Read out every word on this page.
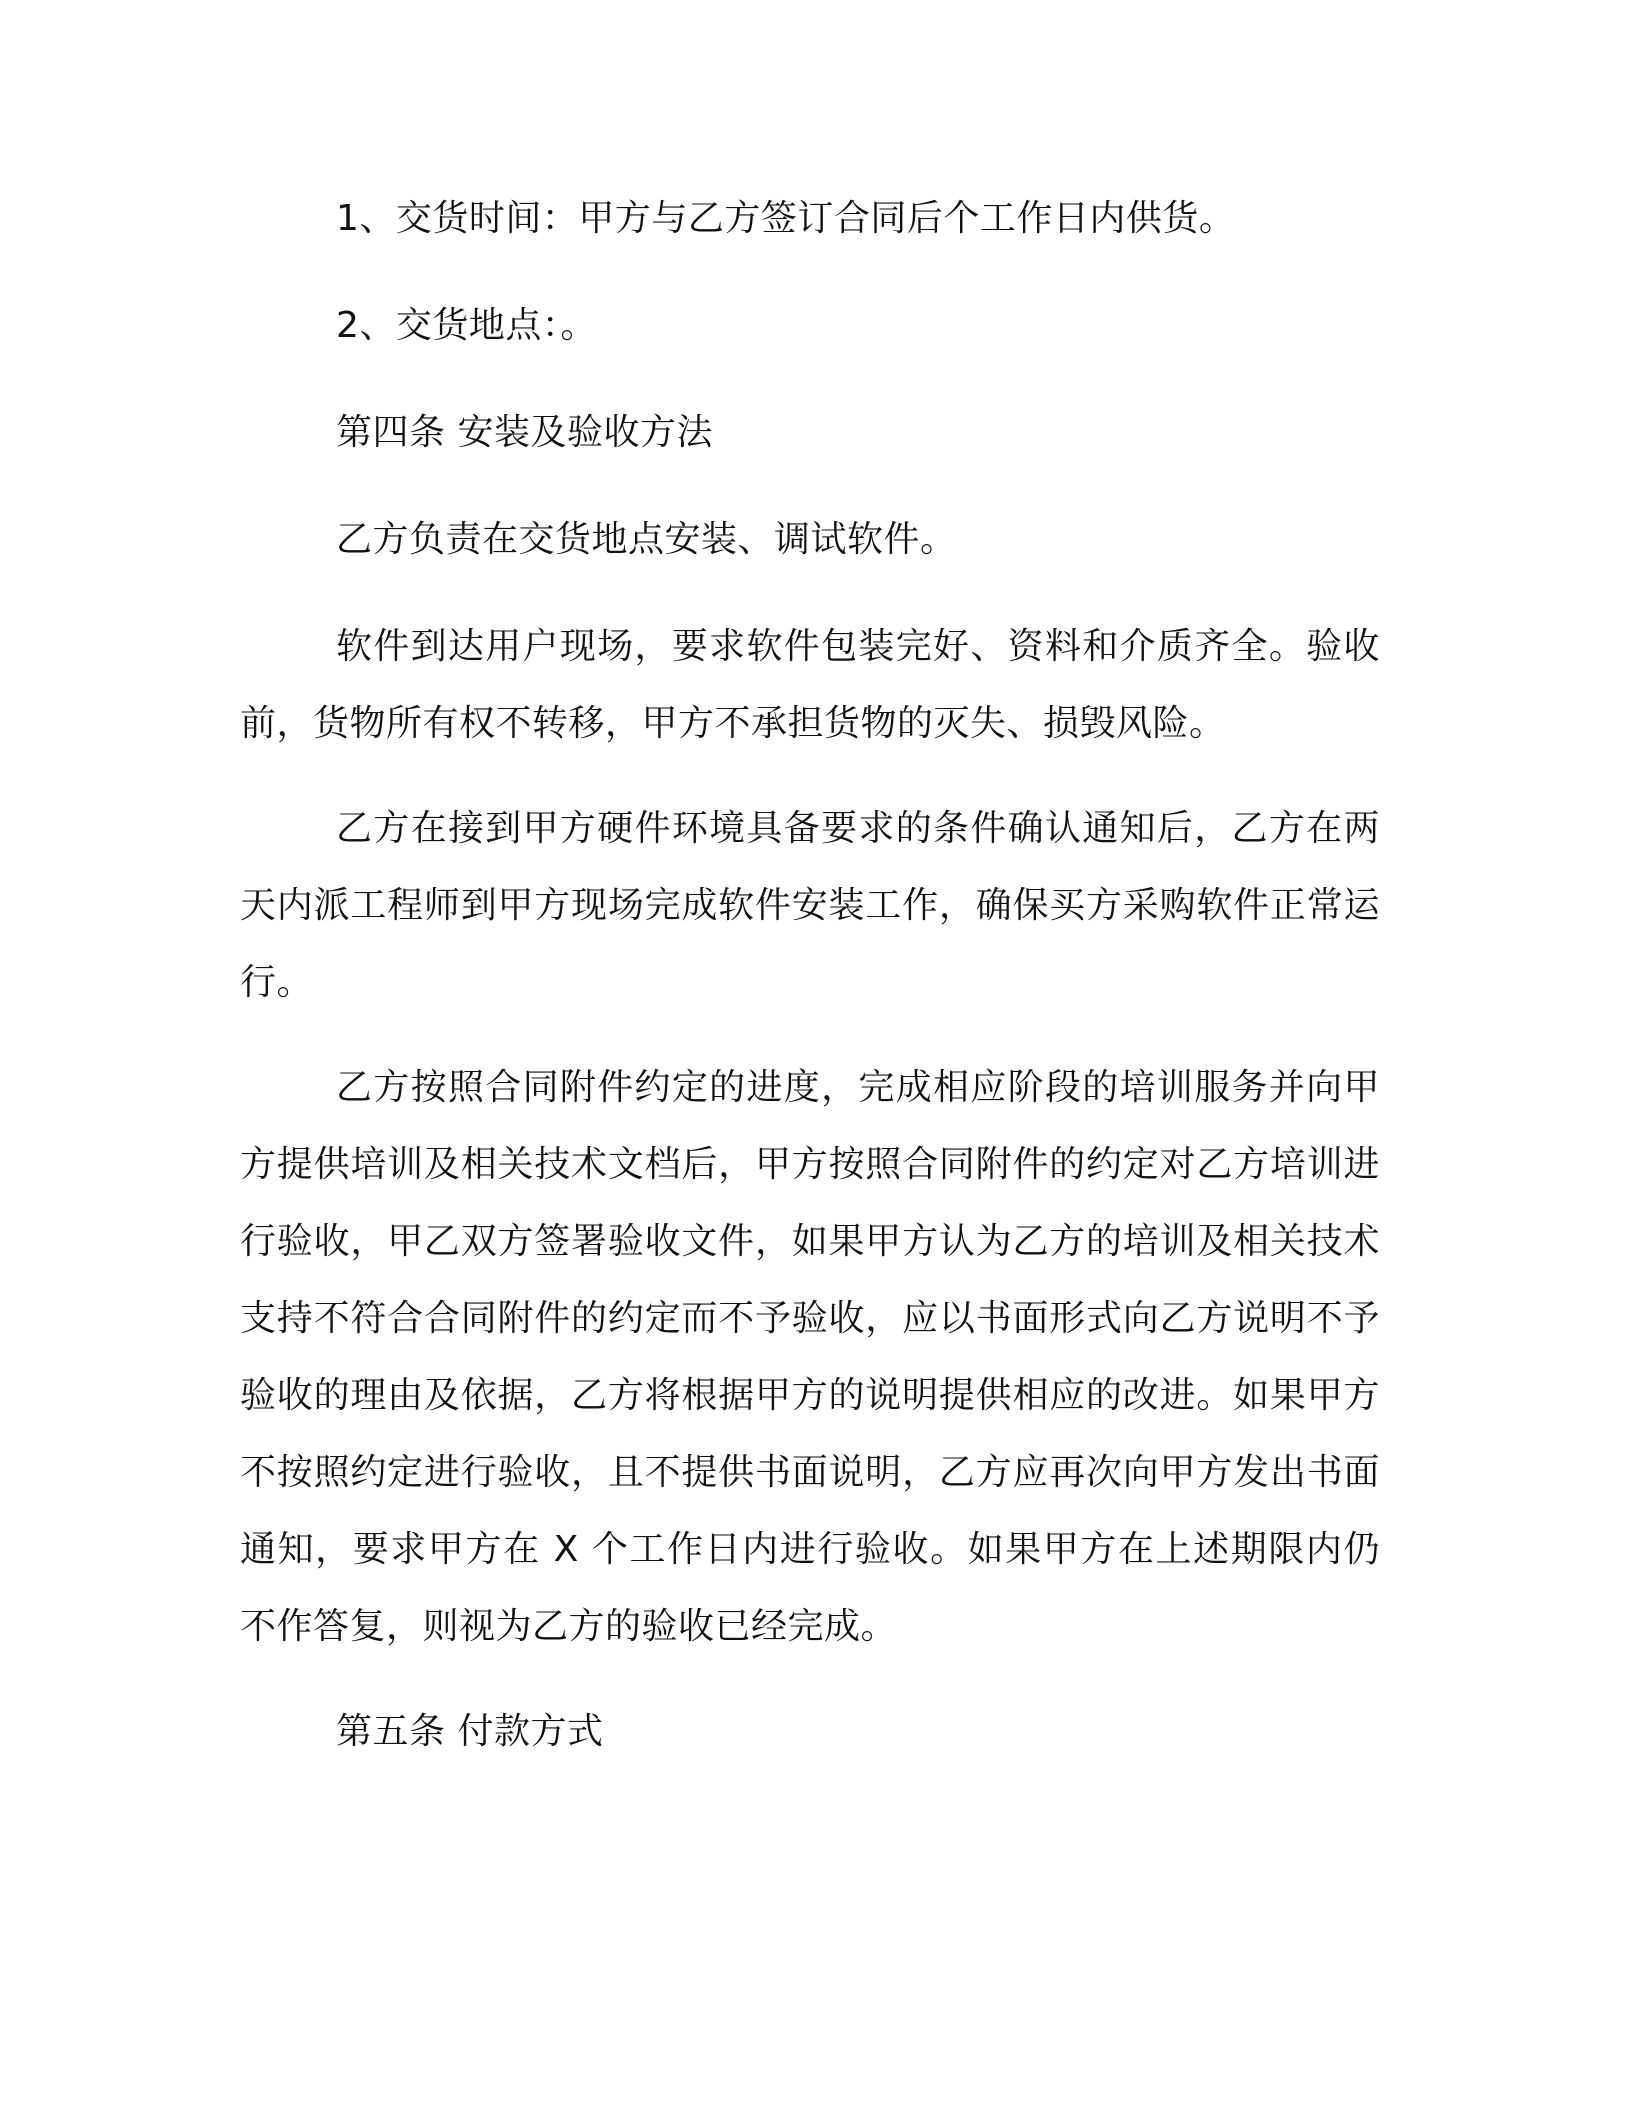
1、交货时间：甲方与乙方签订合同后个工作日内供货。

2、交货地点：。

第四条 安装及验收方法

乙方负责在交货地点安装、调试软件。

软件到达用户现场，要求软件包装完好、资料和介质齐全。验收前，货物所有权不转移，甲方不承担货物的灭失、损毁风险。

乙方在接到甲方硬件环境具备要求的条件确认通知后，乙方在两天内派工程师到甲方现场完成软件安装工作，确保买方采购软件正常运行。

乙方按照合同附件约定的进度，完成相应阶段的培训服务并向甲方提供培训及相关技术文档后，甲方按照合同附件的约定对乙方培训进行验收，甲乙双方签署验收文件，如果甲方认为乙方的培训及相关技术支持不符合合同附件的约定而不予验收，应以书面形式向乙方说明不予验收的理由及依据，乙方将根据甲方的说明提供相应的改进。如果甲方不按照约定进行验收，且不提供书面说明，乙方应再次向甲方发出书面通知，要求甲方在 X 个工作日内进行验收。如果甲方在上述期限内仍不作答复，则视为乙方的验收已经完成。

第五条 付款方式
